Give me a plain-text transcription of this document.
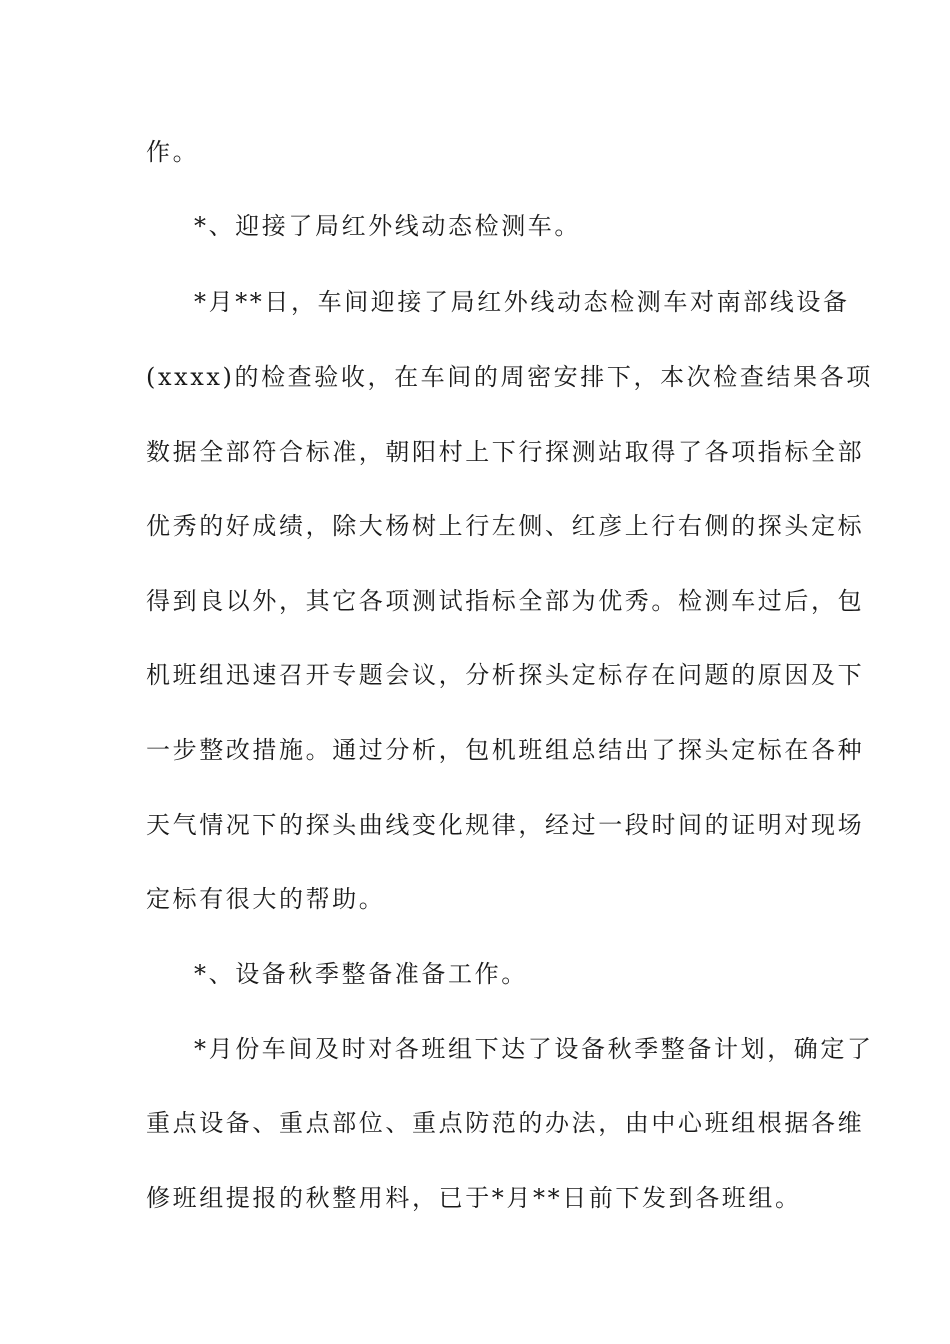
作。
*、迎接了局红外线动态检测车。
*月**日，车间迎接了局红外线动态检测车对南部线设备
(xxxx)的检查验收，在车间的周密安排下，本次检查结果各项
数据全部符合标准，朝阳村上下行探测站取得了各项指标全部
优秀的好成绩，除大杨树上行左侧、红彦上行右侧的探头定标
得到良以外，其它各项测试指标全部为优秀。检测车过后，包
机班组迅速召开专题会议，分析探头定标存在问题的原因及下
一步整改措施。通过分析，包机班组总结出了探头定标在各种
天气情况下的探头曲线变化规律，经过一段时间的证明对现场
定标有很大的帮助。
*、设备秋季整备准备工作。
*月份车间及时对各班组下达了设备秋季整备计划，确定了
重点设备、重点部位、重点防范的办法，由中心班组根据各维
修班组提报的秋整用料，已于*月**日前下发到各班组。
